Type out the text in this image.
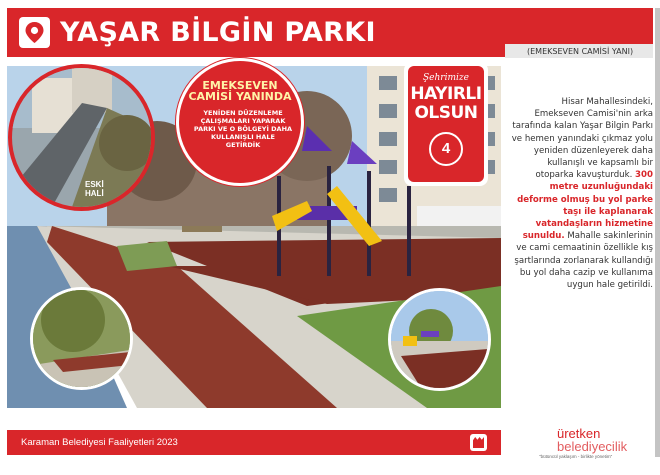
YAŞAR BİLGİN PARKI
(EMEKSEVEN CAMİSİ YANI)
ESKİ
HALİ
EMEKSEVEN CAMİSİ YANINDA
YENİDEN DÜZENLEME ÇALIŞMALARI YAPARAK PARKI VE O BÖLGEYİ DAHA KULLANIŞLI HALE GETİRDİK
Şehrimize
HAYIRLI OLSUN
4
Hisar Mahallesindeki, Emekseven Camisi'nin arka tarafında kalan Yaşar Bilgin Parkı ve hemen yanındaki çıkmaz yolu yeniden düzenleyerek daha kullanışlı ve kapsamlı bir otoparka kavuşturduk. 300 metre uzunluğundaki deforme olmuş bu yol parke taşı ile kaplanarak vatandaşların hizmetine sunuldu. Mahalle sakinlerinin ve cami cemaatinin özellikle kış şartlarında zorlanarak kullandığı bu yol daha cazip ve kullanıma uygun hale getirildi.
Karaman Belediyesi Faaliyetleri 2023
üretken
belediyecilik
"bütüncül yaklaşım - birlikte yönetim"
